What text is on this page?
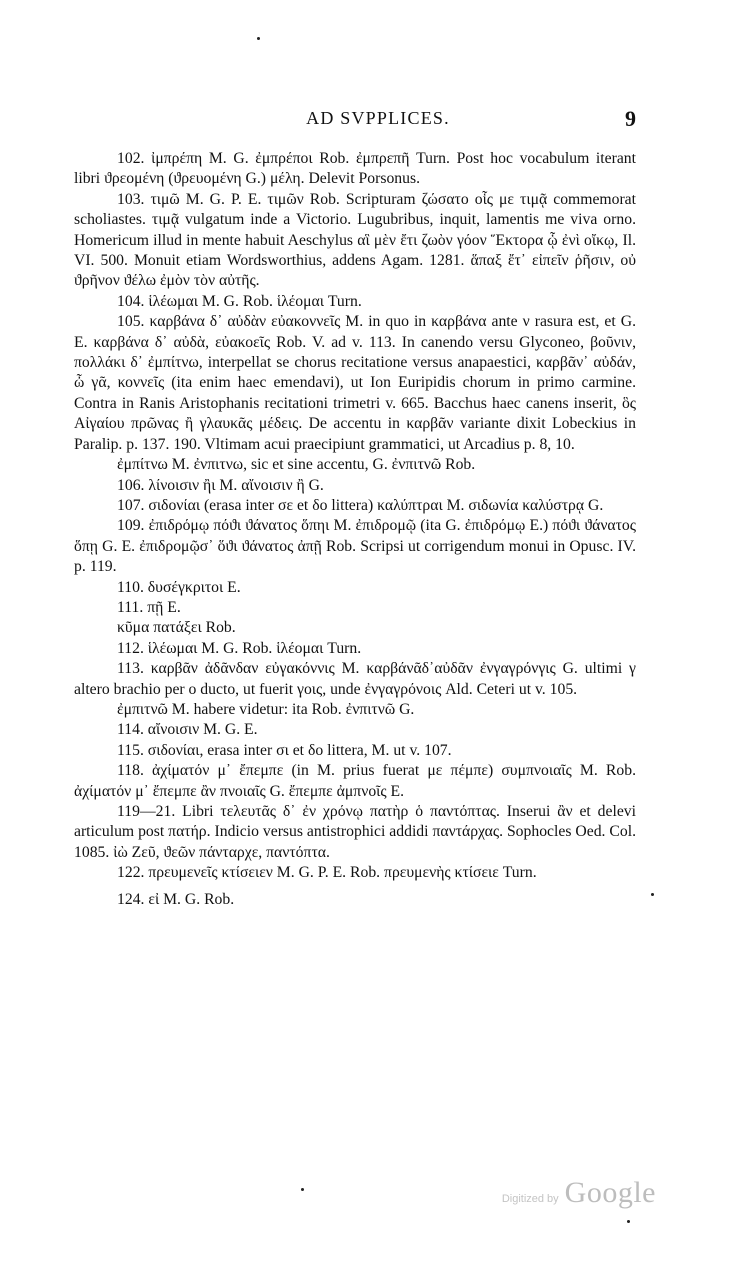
AD SVPPLICES.	9

102. ἰμπρέπη M. G. ἐμπρέποι Rob. ἐμπρεπῆ Turn. Post hoc vocabulum iterant libri ϑρεομένη (ϑρευομένη G.) μέλη. Delevit Porsonus.

103. τιμῶ M. G. P. E. τιμῶν Rob. Scripturam ζώσατο οἷς με τιμᾷ commemorat scholiastes. τιμᾷ vulgatum inde a Victorio. Lugubribus, inquit, lamentis me viva orno. Homericum illud in mente habuit Aeschylus αἳ μὲν ἔτι ζωὸν γόον Ἕκτορα ᾧ ἐνὶ οἴκῳ, Il. VI. 500. Monuit etiam Wordsworthius, addens Agam. 1281. ἅπαξ ἔτ᾽ εἰπεῖν ῥῆσιν, οὐ ϑρῆνον ϑέλω ἐμὸν τὸν αὐτῆς.

104. ἱλέωμαι M. G. Rob. ἱλέομαι Turn.

105. καρβάνα δ᾽ αὐδὰν εὐακοννεῖς M. in quo in καρβάνα ante ν rasura est, et G. E. καρβάνα δ᾽ αὐδὰ, εὐακοεῖς Rob. V. ad v. 113. In canendo versu Glyconeo, βοῦνιν, πολλάκι δ᾽ ἐμπίτνω, interpellat se chorus recitatione versus anapaestici, καρβᾶν᾽ αὐδάν, ὦ γᾶ, κοννεῖς (ita enim haec emendavi), ut Ion Euripidis chorum in primo carmine. Contra in Ranis Aristophanis recitationi trimetri v. 665. Bacchus haec canens inserit, ὃς Αἰγαίου πρῶνας ἢ γλαυκᾶς μέδεις. De accentu in καρβᾶν variante dixit Lobeckius in Paralip. p. 137. 190. Vltimam acui praecipiunt grammatici, ut Arcadius p. 8, 10.

ἐμπίτνω M. ἐνπιτνω, sic et sine accentu, G. ἐνπιτνῶ Rob.

106. λίνοισιν ἢι M. αἴνοισιν ἢ G.

107. σιδονίαι (erasa inter σε et δο littera) καλύπτραι M. σιδωνία καλύστρᾳ G.

109. ἐπιδρόμῳ πόϑι ϑάνατος ὅπηι M. ἐπιδρομῷ (ita G. ἐπιδρόμῳ E.) πόϑι ϑάνατος ὅπῃ G. E. ἐπιδρομῷσ᾽ ὅϑι ϑάνατος ἀπῇ Rob. Scripsi ut corrigendum monui in Opusc. IV. p. 119.

110. δυσέγκριτοι E.

111. πῇ E.

κῦμα πατάξει Rob.

112. ἱλέωμαι M. G. Rob. ἱλέομαι Turn.

113. καρβᾶν ἀδᾶνδαν εὐγακόννις M. καρβάνᾶδ᾽αὐδᾶν ἐνγαγρόνγις G. ultimi γ altero brachio per ο ducto, ut fuerit γοις, unde ἐνγαγρόνοις Ald. Ceteri ut v. 105.

ἐμπιτνῶ M. habere videtur: ita Rob. ἐνπιτνῶ G.

114. αἴνοισιν M. G. E.

115. σιδονίαι, erasa inter σι et δο littera, M. ut v. 107.

118. ἀχίματόν μ᾽ ἔπεμπε (in M. prius fuerat με πέμπε) συμπνοιαῖς M. Rob. ἀχίματόν μ᾽ ἔπεμπε ἂν πνοιαῖς G. ἔπεμπε ἀμπνοῖς E.

119—21. Libri τελευτᾶς δ᾽ ἐν χρόνῳ πατὴρ ὁ παντόπτας. Inserui ἂν et delevi articulum post πατήρ. Indicio versus antistrophici addidi παντάρχας. Sophocles Oed. Col. 1085. ἰὼ Ζεῦ, ϑεῶν πάνταρχε, παντόπτα.

122. πρευμενεῖς κτίσειεν M. G. P. E. Rob. πρευμενὴς κτίσειε Turn.

124. εἰ M. G. Rob.

Digitized by Google
